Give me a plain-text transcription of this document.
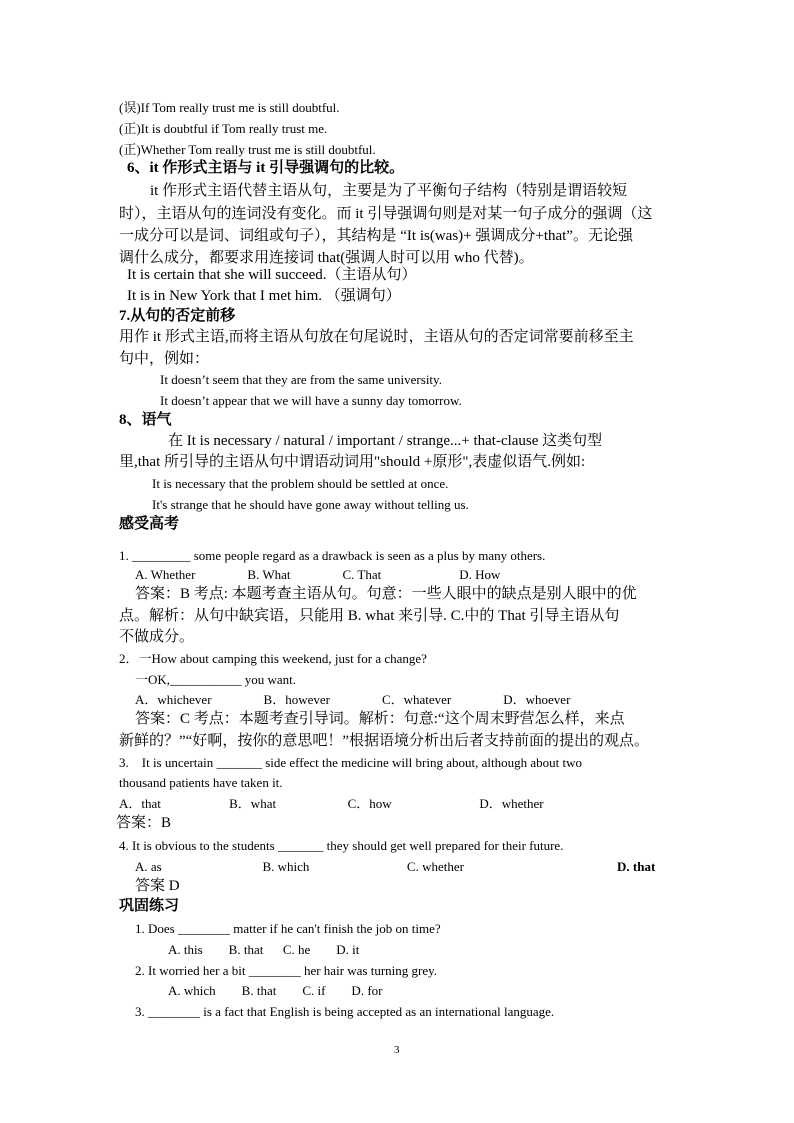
(误)If Tom really trust me is still doubtful.
(正)It is doubtful if Tom really trust me.
(正)Whether Tom really trust me is still doubtful.
6、it 作形式主语与 it 引导强调句的比较。
it 作形式主语代替主语从句，主要是为了平衡句子结构（特别是谓语较短
时），主语从句的连词没有变化。而 it 引导强调句则是对某一句子成分的强调（这
一成分可以是词、词组或句子），其结构是 “It is(was)+ 强调成分+that”。无论强
调什么成分，都要求用连接词 that(强调人时可以用 who 代替)。
It is certain that she will succeed.（主语从句）
It is in New York that I met him. （强调句）
7.从句的否定前移
用作 it 形式主语,而将主语从句放在句尾说时，主语从句的否定词常要前移至主
句中，例如：
It doesn’t seem that they are from the same university.
It doesn’t appear that we will have a sunny day tomorrow.
8、语气
在 It is necessary / natural / important / strange...+ that-clause 这类句型
里,that 所引导的主语从句中谓语动词用"should +原形",表虚似语气.例如:
It is necessary that the problem should be settled at once.
It's strange that he should have gone away without telling us.
感受高考
1. _________ some people regard as a drawback is seen as a plus by many others.
A. Whether                B. What                C. That                        D. How
答案：B 考点: 本题考查主语从句。句意：一些人眼中的缺点是别人眼中的优
点。解析：从句中缺宾语，只能用 B. what 来引导. C.中的 That 引导主语从句
不做成分。
2．一How about camping this weekend, just for a change?
一OK,___________ you want.
A．whichever                B．however                C．whatever                D．whoever
答案：C 考点：本题考查引导词。解析：句意:“这个周末野营怎么样，来点
新鲜的？”“好啊，按你的意思吧！”根据语境分析出后者支持前面的提出的观点。
3.    It is uncertain _______ side effect the medicine will bring about, although about two
thousand patients have taken it.
A．that                     B．what                      C．how                           D．whether
答案：B
4. It is obvious to the students _______ they should get well prepared for their future.
A. as                               B. which                              C. whether	D. that
答案 D
巩固练习
1. Does ________ matter if he can't finish the job on time?
A. this        B. that      C. he        D. it
2. It worried her a bit ________ her hair was turning grey.
A. which        B. that        C. if        D. for
3. ________ is a fact that English is being accepted as an international language.
3
